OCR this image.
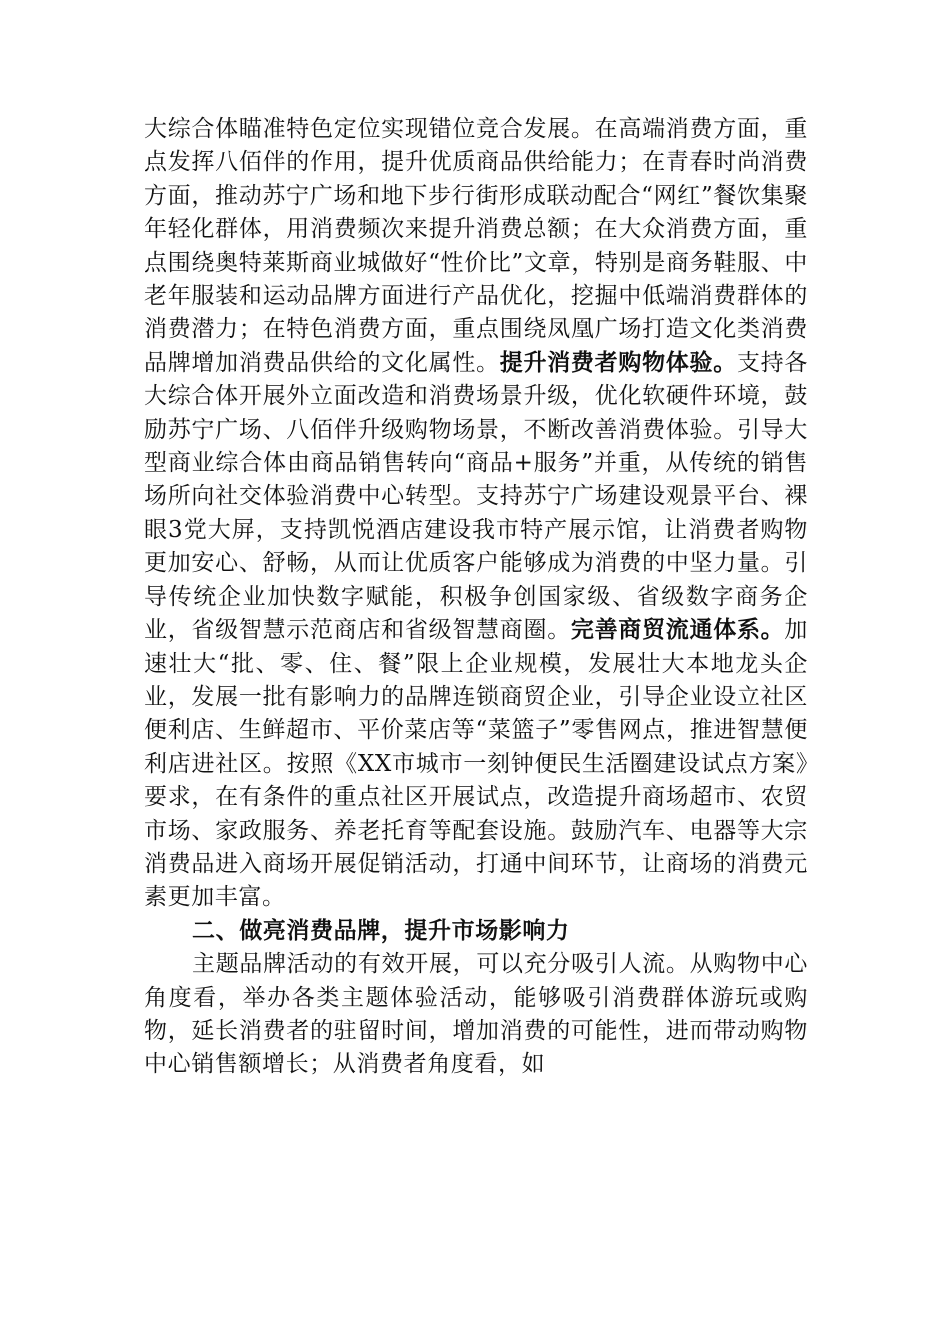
大综合体瞄准特色定位实现错位竞合发展。在高端消费方面，重点发挥八佰伴的作用，提升优质商品供给能力；在青春时尚消费方面，推动苏宁广场和地下步行街形成联动配合“网红”餐饮集聚年轻化群体，用消费频次来提升消费总额；在大众消费方面，重点围绕奥特莱斯商业城做好“性价比”文章，特别是商务鞋服、中老年服装和运动品牌方面进行产品优化，挖掘中低端消费群体的消费潜力；在特色消费方面，重点围绕凤凰广场打造文化类消费品牌增加消费品供给的文化属性。提升消费者购物体验。支持各大综合体开展外立面改造和消费场景升级，优化软硬件环境，鼓励苏宁广场、八佰伴升级购物场景，不断改善消费体验。引导大型商业综合体由商品销售转向“商品+服务”并重，从传统的销售场所向社交体验消费中心转型。支持苏宁广场建设观景平台、裸眼3党大屏，支持凯悦酒店建设我市特产展示馆，让消费者购物更加安心、舒畅，从而让优质客户能够成为消费的中坚力量。引导传统企业加快数字赋能，积极争创国家级、省级数字商务企业，省级智慧示范商店和省级智慧商圈。完善商贸流通体系。加速壮大“批、零、住、餐”限上企业规模，发展壮大本地龙头企业，发展一批有影响力的品牌连锁商贸企业，引导企业设立社区便利店、生鲜超市、平价菜店等“菜篮子”零售网点，推进智慧便利店进社区。按照《XX市城市一刻钟便民生活圈建设试点方案》要求，在有条件的重点社区开展试点，改造提升商场超市、农贸市场、家政服务、养老托育等配套设施。鼓励汽车、电器等大宗消费品进入商场开展促销活动，打通中间环节，让商场的消费元素更加丰富。

二、做亮消费品牌，提升市场影响力

主题品牌活动的有效开展，可以充分吸引人流。从购物中心角度看，举办各类主题体验活动，能够吸引消费群体游玩或购物，延长消费者的驻留时间，增加消费的可能性，进而带动购物中心销售额增长；从消费者角度看，如
